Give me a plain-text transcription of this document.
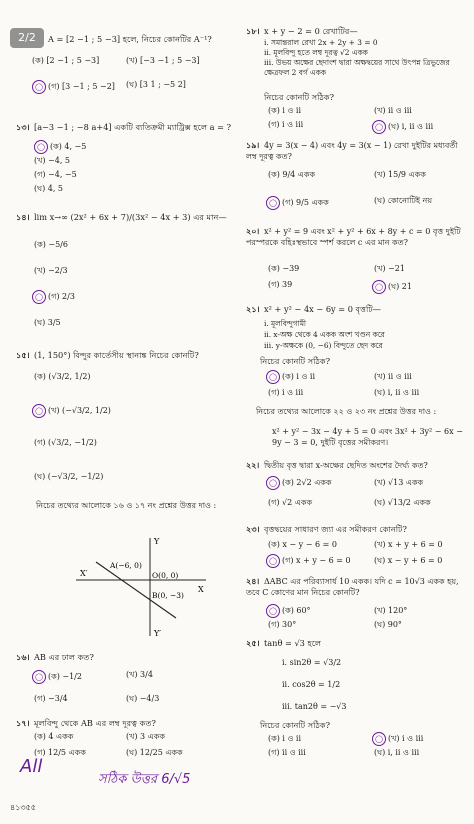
2/2	A = [2 −1 ; 5 −3] হলে, নিচের কোনটির A⁻¹?
(ক) [2 −1 ; 5 −3]	(খ) [−3 −1 ; 5 −3]
◯ (গ) [3 −1 ; 5 −2] (ঘ) [3 1 ; −5 2]
১৩। [a−3 −1 ; −8 a+4] একটি ব্যতিক্রমী ম্যাট্রিক্স হলে a = ?
◯ (ক) 4, −5
(খ) −4, 5
(গ) −4, −5
(ঘ) 4, 5
১৪। lim x→∞ (2x² + 6x + 7)/(3x² − 4x + 3) এর মান—
(ক) −5/6
(খ) −2/3
◯ (গ) 2/3
(ঘ) 3/5
১৫। (1, 150°) বিন্দুর কার্তেসীয় স্থানাঙ্ক নিচের কোনটি?
(ক) (√3/2, 1/2)
◯ (খ) (−√3/2, 1/2)
(গ) (√3/2, −1/2)
(ঘ) (−√3/2, −1/2)
নিচের তথ্যের আলোকে ১৬ ও ১৭ নং প্রশ্নের উত্তর দাও :
X′
X
Y
Y′
A(−6, 0)
O(0, 0)
B(0, −3)
১৬। AB এর ঢাল কত?
◯ (ক) −1/2	(খ) 3/4
(গ) −3/4	(ঘ) −4/3
১৭। মূলবিন্দু থেকে AB এর লম্ব দূরত্ব কত?
(ক) 4 একক	(খ) 3 একক
(গ) 12/5 একক	(ঘ) 12/25 একক
All
সঠিক উত্তর 6/√5
৪১৩৫৫
১৮। x + y − 2 = 0 রেখাটির—
i. সমান্তরাল রেখা 2x + 2y + 3 = 0
ii. মূলবিন্দু হতে লম্ব দূরত্ব √2 একক
iii. উভয় অক্ষের ছেদাংশ দ্বারা অক্ষদ্বয়ের সাথে উৎপন্ন ত্রিভুজের ক্ষেত্রফল 2 বর্গ একক
নিচের কোনটি সঠিক?
(ক) i ও ii	(খ) ii ও iii
(গ) i ও iii	◯ (ঘ) i, ii ও iii
১৯। 4y = 3(x − 4) এবং 4y = 3(x − 1) রেখা দুইটির মধ্যবর্তী লম্ব দূরত্ব কত?
(ক) 9/4 একক	(খ) 15/9 একক
◯ (গ) 9/5 একক	(ঘ) কোনোটিই নয়
২০। x² + y² = 9 এবং x² + y² + 6x + 8y + c = 0 বৃত্ত দুইটি পরস্পরকে বহিঃস্থভাবে স্পর্শ করলে c এর মান কত?
(ক) −39	(খ) −21
(গ) 39	◯ (ঘ) 21
২১। x² + y² − 4x − 6y = 0 বৃত্তটি—
i. মূলবিন্দুগামী
ii. x-অক্ষ থেকে 4 একক অংশ খণ্ডন করে
iii. y-অক্ষকে (0, −6) বিন্দুতে ছেদ করে
নিচের কোনটি সঠিক?
◯ (ক) i ও ii	(খ) ii ও iii
(গ) i ও iii	(ঘ) i, ii ও iii
নিচের তথ্যের আলোকে ২২ ও ২৩ নং প্রশ্নের উত্তর দাও :
x² + y² − 3x − 4y + 5 = 0 এবং 3x² + 3y² − 6x − 9y − 3 = 0, দুইটি বৃত্তের সমীকরণ।
২২। দ্বিতীয় বৃত্ত দ্বারা x-অক্ষের ছেদিত অংশের দৈর্ঘ্য কত?
◯ (ক) 2√2 একক	(খ) √13 একক
(গ) √2 একক	(ঘ) √13/2 একক
২৩। বৃত্তদ্বয়ের সাধারণ জ্যা এর সমীকরণ কোনটি?
(ক) x − y − 6 = 0	(খ) x + y + 6 = 0
◯ (গ) x + y − 6 = 0	(ঘ) x − y + 6 = 0
২৪। ΔABC এর পরিব্যাসার্ধ 10 একক। যদি c = 10√3 একক হয়, তবে C কোণের মান নিচের কোনটি?
◯ (ক) 60°	(খ) 120°
(গ) 30°	(ঘ) 90°
২৫। tanθ = √3 হলে
i. sin2θ = √3/2
ii. cos2θ = 1/2
iii. tan2θ = −√3
নিচের কোনটি সঠিক?
(ক) i ও ii	◯ (খ) i ও iii
(গ) ii ও iii	(ঘ) i, ii ও iii
